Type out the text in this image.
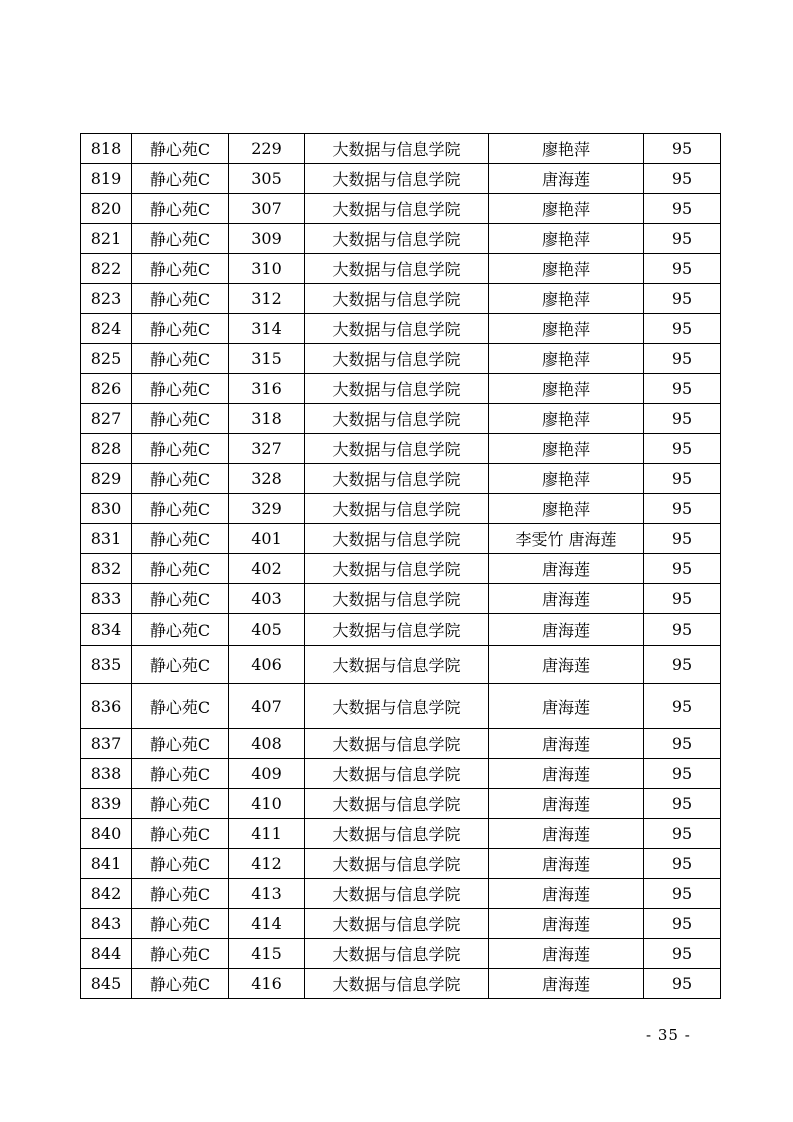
818	静心苑C	229	大数据与信息学院	廖艳萍	95
819	静心苑C	305	大数据与信息学院	唐海莲	95
820	静心苑C	307	大数据与信息学院	廖艳萍	95
821	静心苑C	309	大数据与信息学院	廖艳萍	95
822	静心苑C	310	大数据与信息学院	廖艳萍	95
823	静心苑C	312	大数据与信息学院	廖艳萍	95
824	静心苑C	314	大数据与信息学院	廖艳萍	95
825	静心苑C	315	大数据与信息学院	廖艳萍	95
826	静心苑C	316	大数据与信息学院	廖艳萍	95
827	静心苑C	318	大数据与信息学院	廖艳萍	95
828	静心苑C	327	大数据与信息学院	廖艳萍	95
829	静心苑C	328	大数据与信息学院	廖艳萍	95
830	静心苑C	329	大数据与信息学院	廖艳萍	95
831	静心苑C	401	大数据与信息学院	李雯竹 唐海莲	95
832	静心苑C	402	大数据与信息学院	唐海莲	95
833	静心苑C	403	大数据与信息学院	唐海莲	95
834	静心苑C	405	大数据与信息学院	唐海莲	95
835	静心苑C	406	大数据与信息学院	唐海莲	95
836	静心苑C	407	大数据与信息学院	唐海莲	95
837	静心苑C	408	大数据与信息学院	唐海莲	95
838	静心苑C	409	大数据与信息学院	唐海莲	95
839	静心苑C	410	大数据与信息学院	唐海莲	95
840	静心苑C	411	大数据与信息学院	唐海莲	95
841	静心苑C	412	大数据与信息学院	唐海莲	95
842	静心苑C	413	大数据与信息学院	唐海莲	95
843	静心苑C	414	大数据与信息学院	唐海莲	95
844	静心苑C	415	大数据与信息学院	唐海莲	95
845	静心苑C	416	大数据与信息学院	唐海莲	95
- 35 -
